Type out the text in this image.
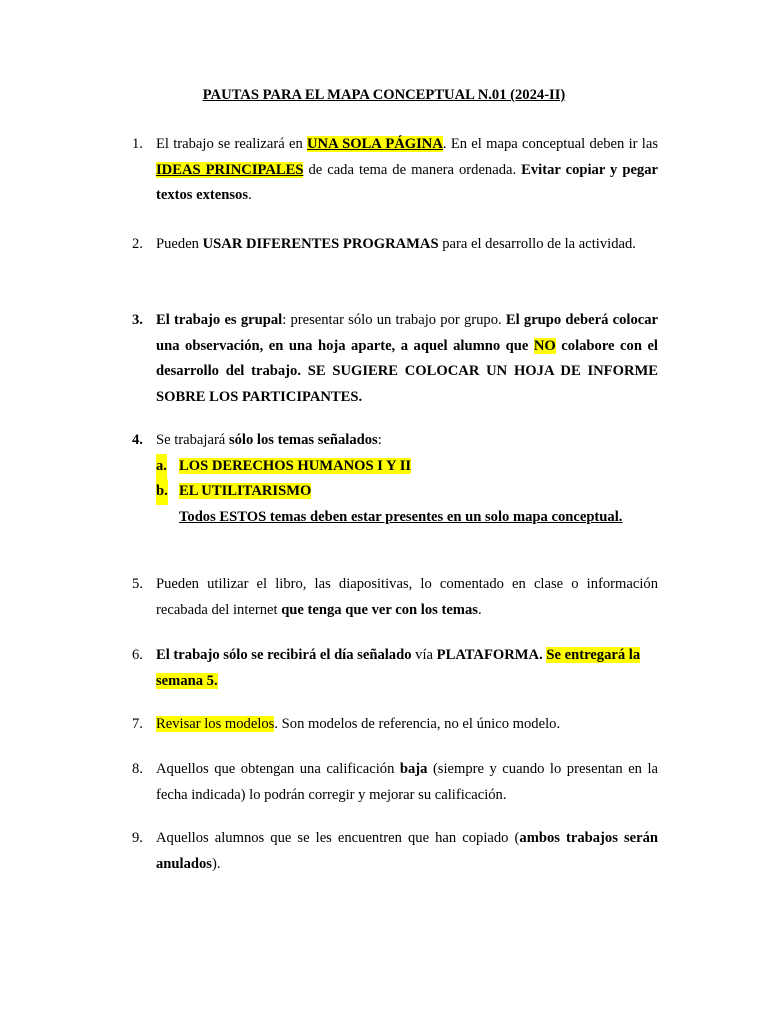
PAUTAS PARA EL MAPA CONCEPTUAL N.01 (2024-II)
1. El trabajo se realizará en UNA SOLA PÁGINA. En el mapa conceptual deben ir las IDEAS PRINCIPALES de cada tema de manera ordenada. Evitar copiar y pegar textos extensos.
2. Pueden USAR DIFERENTES PROGRAMAS para el desarrollo de la actividad.
3. El trabajo es grupal: presentar sólo un trabajo por grupo. El grupo deberá colocar una observación, en una hoja aparte, a aquel alumno que NO colabore con el desarrollo del trabajo. SE SUGIERE COLOCAR UN HOJA DE INFORME SOBRE LOS PARTICIPANTES.
4. Se trabajará sólo los temas señalados:
a. LOS DERECHOS HUMANOS I Y II
b. EL UTILITARISMO
Todos ESTOS temas deben estar presentes en un solo mapa conceptual.
5. Pueden utilizar el libro, las diapositivas, lo comentado en clase o información recabada del internet que tenga que ver con los temas.
6. El trabajo sólo se recibirá el día señalado vía PLATAFORMA. Se entregará la semana 5.
7. Revisar los modelos. Son modelos de referencia, no el único modelo.
8. Aquellos que obtengan una calificación baja (siempre y cuando lo presentan en la fecha indicada) lo podrán corregir y mejorar su calificación.
9. Aquellos alumnos que se les encuentren que han copiado (ambos trabajos serán anulados).
